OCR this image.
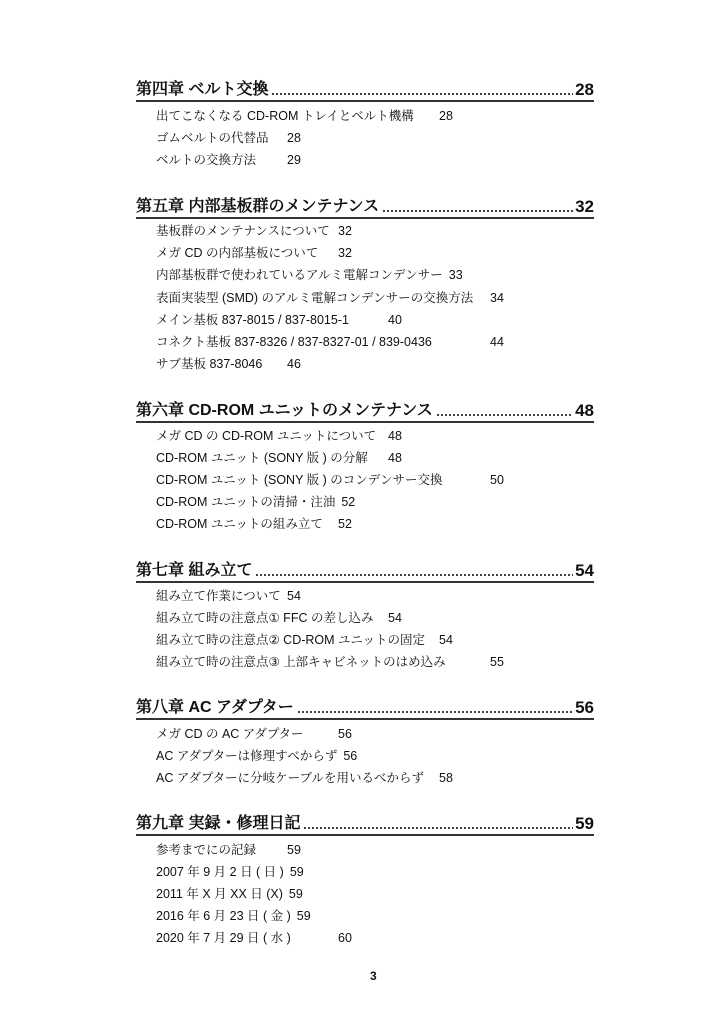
第四章 ベルト交換	28
出てこなくなる CD-ROM トレイとベルト機構	28
ゴムベルトの代替品	28
ベルトの交換方法	29
第五章 内部基板群のメンテナンス	32
基板群のメンテナンスについて 32
メガ CD の内部基板について	32
内部基板群で使われているアルミ電解コンデンサー 33
表面実装型 (SMD) のアルミ電解コンデンサーの交換方法	34
メイン基板 837-8015 / 837-8015-1	40
コネクト基板 837-8326 / 837-8327-01 / 839-0436	44
サブ基板 837-8046	46
第六章 CD-ROM ユニットのメンテナンス	48
メガ CD の CD-ROM ユニットについて 48
CD-ROM ユニット (SONY 版 ) の分解	48
CD-ROM ユニット (SONY 版 ) のコンデンサー交換	50
CD-ROM ユニットの清掃・注油 52
CD-ROM ユニットの組み立て	52
第七章 組み立て	54
組み立て作業について 54
組み立て時の注意点① FFC の差し込み	54
組み立て時の注意点② CD-ROM ユニットの固定	54
組み立て時の注意点③ 上部キャビネットのはめ込み	55
第八章 AC アダプター	56
メガ CD の AC アダプター	56
AC アダプターは修理すべからず 56
AC アダプターに分岐ケーブルを用いるべからず	58
第九章 実録・修理日記	59
参考までにの記録	59
2007 年 9 月 2 日 ( 日 ) 59
2011 年 X 月 XX 日 (X) 59
2016 年 6 月 23 日 ( 金 ) 59
2020 年 7 月 29 日 ( 水 )	60
3
